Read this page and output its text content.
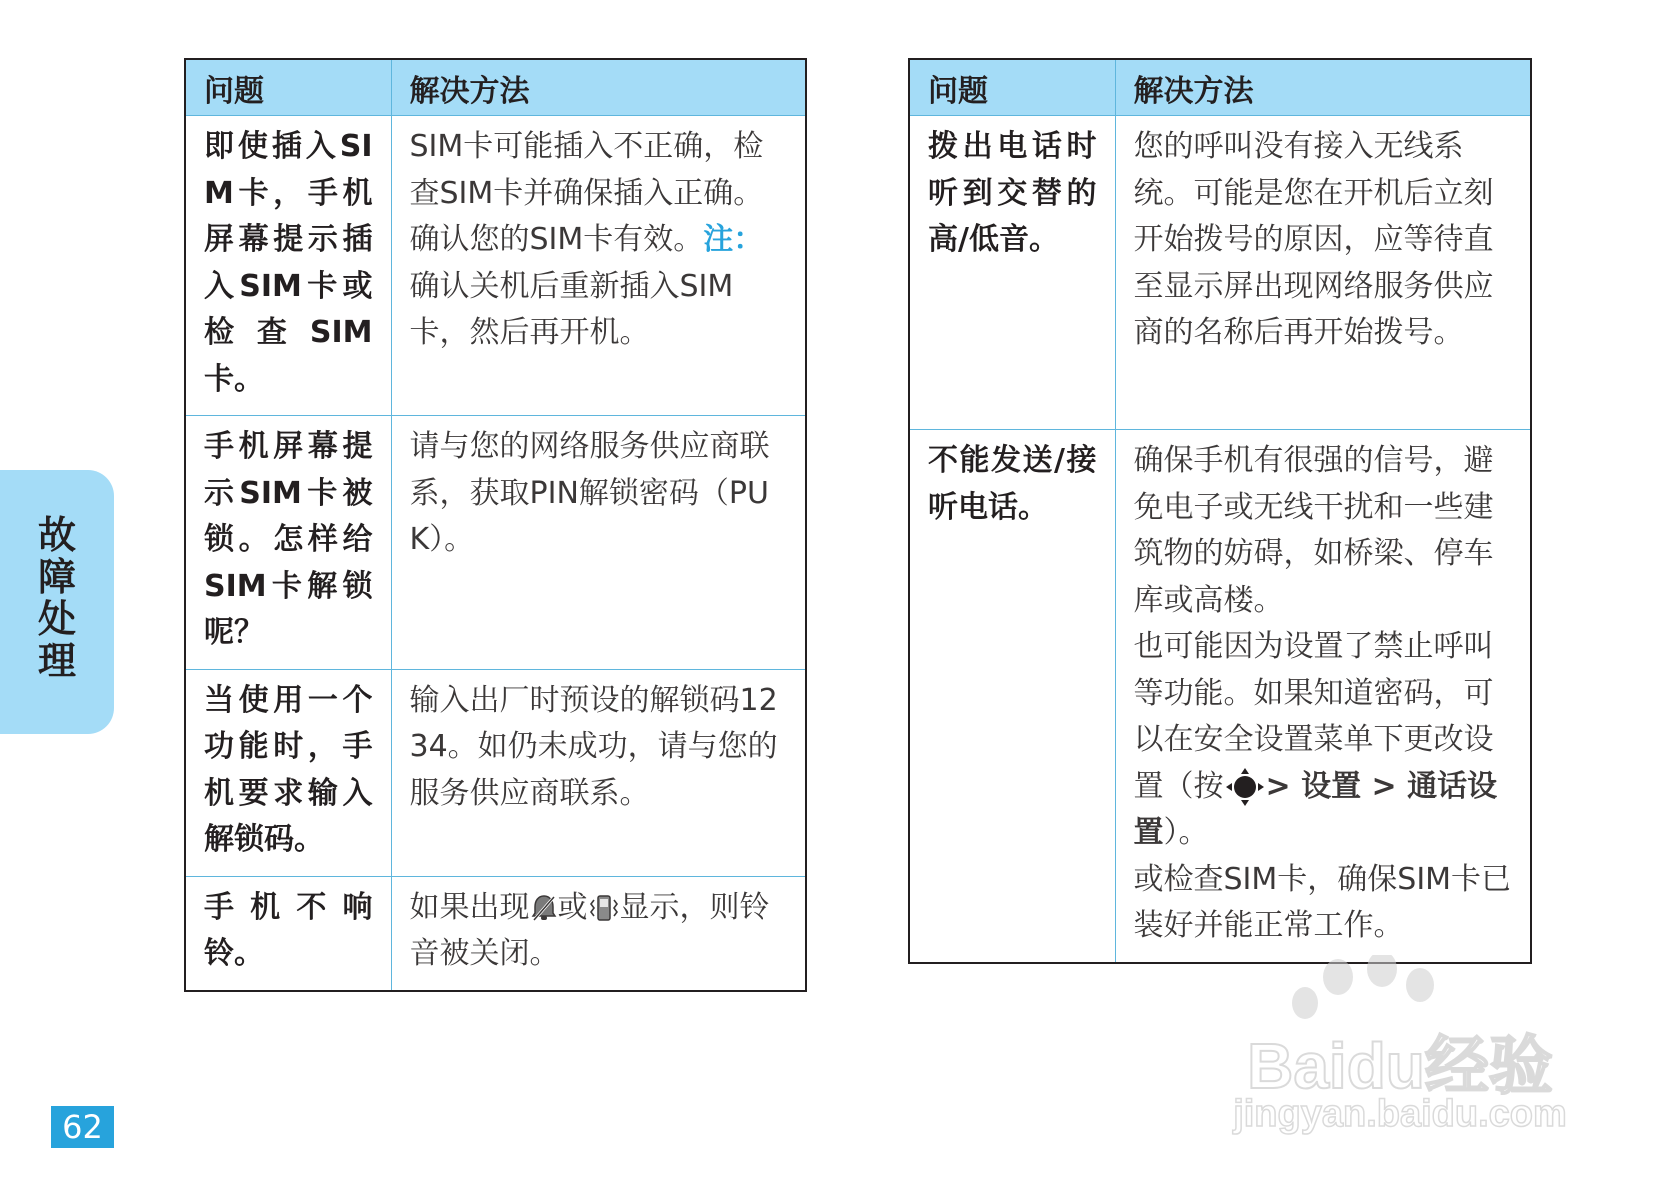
故障处理
问题	解决方法
即使插入SIM卡，手机屏幕提示插入SIM卡或检查SIM卡。	SIM卡可能插入不正确，检查SIM卡并确保插入正确。确认您的SIM卡有效。注：确认关机后重新插入SIM卡，然后再开机。
手机屏幕提示SIM卡被锁。怎样给SIM卡解锁呢？	请与您的网络服务供应商联系，获取PIN解锁密码（PUK）。
当使用一个功能时，手机要求输入解锁码。	输入出厂时预设的解锁码1234。如仍未成功，请与您的服务供应商联系。
手机不响铃。	如果出现 或 显示，则铃音被关闭。
问题	解决方法
拨出电话时听到交替的高/低音。	您的呼叫没有接入无线系统。可能是您在开机后立刻开始拨号的原因，应等待直至显示屏出现网络服务供应商的名称后再开始拨号。
不能发送/接听电话。	确保手机有很强的信号，避免电子或无线干扰和一些建筑物的妨碍，如桥梁、停车库或高楼。
也可能因为设置了禁止呼叫等功能。如果知道密码，可以在安全设置菜单下更改设置（按 > 设置 > 通话设置）。
或检查SIM卡，确保SIM卡已装好并能正常工作。
62
Baidu经验
jingyan.baidu.com
